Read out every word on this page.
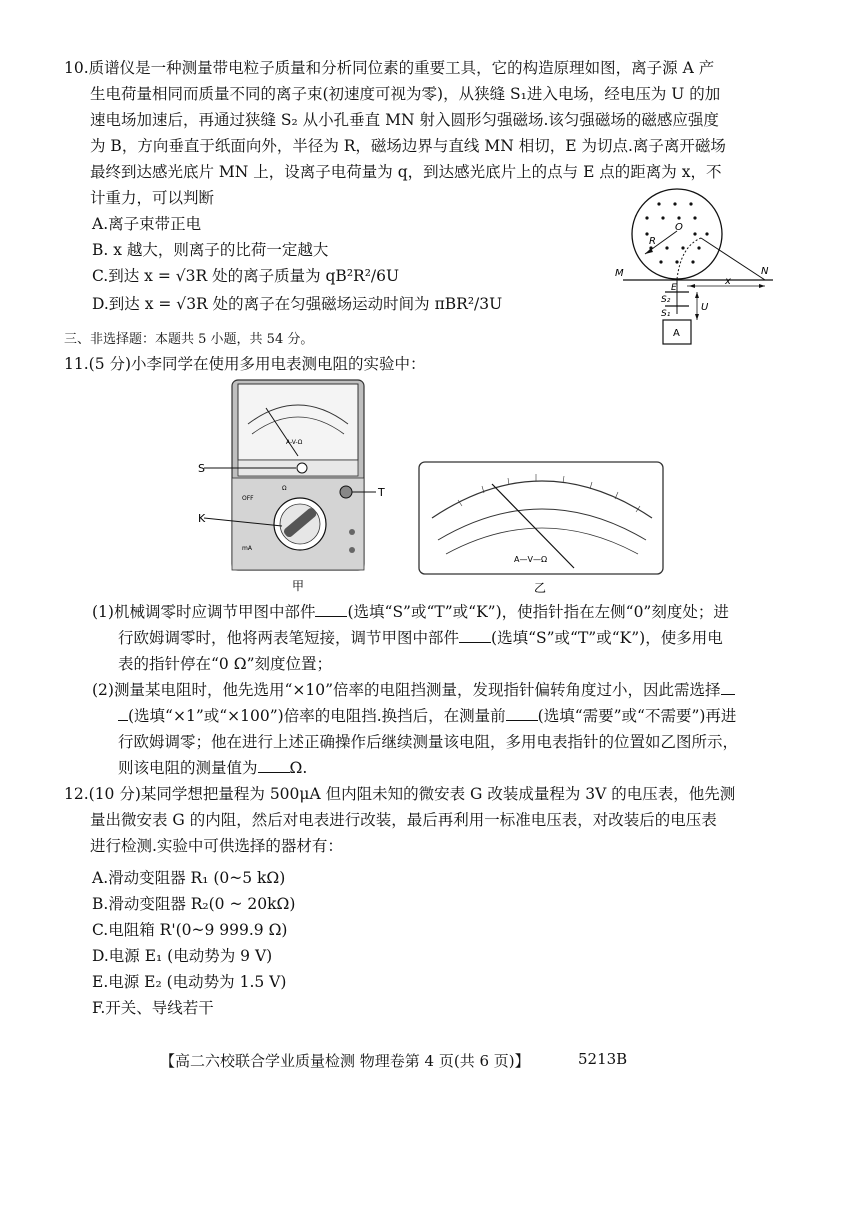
10.质谱仪是一种测量带电粒子质量和分析同位素的重要工具，它的构造原理如图，离子源 A 产
生电荷量相同而质量不同的离子束(初速度可视为零)，从狭缝 S₁进入电场，经电压为 U 的加
速电场加速后，再通过狭缝 S₂ 从小孔垂直 MN 射入圆形匀强磁场.该匀强磁场的磁感应强度
为 B，方向垂直于纸面向外，半径为 R，磁场边界与直线 MN 相切，E 为切点.离子离开磁场
最终到达感光底片 MN 上，设离子电荷量为 q，到达感光底片上的点与 E 点的距离为 x，不
计重力，可以判断
A.离子束带正电
B. x 越大，则离子的比荷一定越大
C.到达 x = √3R 处的离子质量为 qB²R²/6U
D.到达 x = √3R 处的离子在匀强磁场运动时间为 πBR²/3U
M	N
O
R
E
S₂
S₁
x
U
A
三、非选择题：本题共 5 小题，共 54 分。
11.(5 分)小李同学在使用多用电表测电阻的实验中：
A-V-Ω
S
K
T
OFF
Ω
mA
甲
A—V—Ω
乙
(1)机械调零时应调节甲图中部件 (选填“S”或“T”或“K”)，使指针指在左侧“0”刻度处；进
行欧姆调零时，他将两表笔短接，调节甲图中部件 (选填“S”或“T”或“K”)，使多用电
表的指针停在“0 Ω”刻度位置；
(2)测量某电阻时，他先选用“×10”倍率的电阻挡测量，发现指针偏转角度过小，因此需选择
(选填“×1”或“×100”)倍率的电阻挡.换挡后，在测量前 (选填“需要”或“不需要”)再进
行欧姆调零；他在进行上述正确操作后继续测量该电阻，多用电表指针的位置如乙图所示，
则该电阻的测量值为 Ω.
12.(10 分)某同学想把量程为 500μA 但内阻未知的微安表 G 改装成量程为 3V 的电压表，他先测
量出微安表 G 的内阻，然后对电表进行改装，最后再利用一标准电压表，对改装后的电压表
进行检测.实验中可供选择的器材有：
A.滑动变阻器 R₁ (0~5 kΩ)
B.滑动变阻器 R₂(0 ~ 20kΩ)
C.电阻箱 R'(0~9 999.9 Ω)
D.电源 E₁ (电动势为 9 V)
E.电源 E₂ (电动势为 1.5 V)
F.开关、导线若干
【高二六校联合学业质量检测 物理卷第 4 页(共 6 页)】	5213B
